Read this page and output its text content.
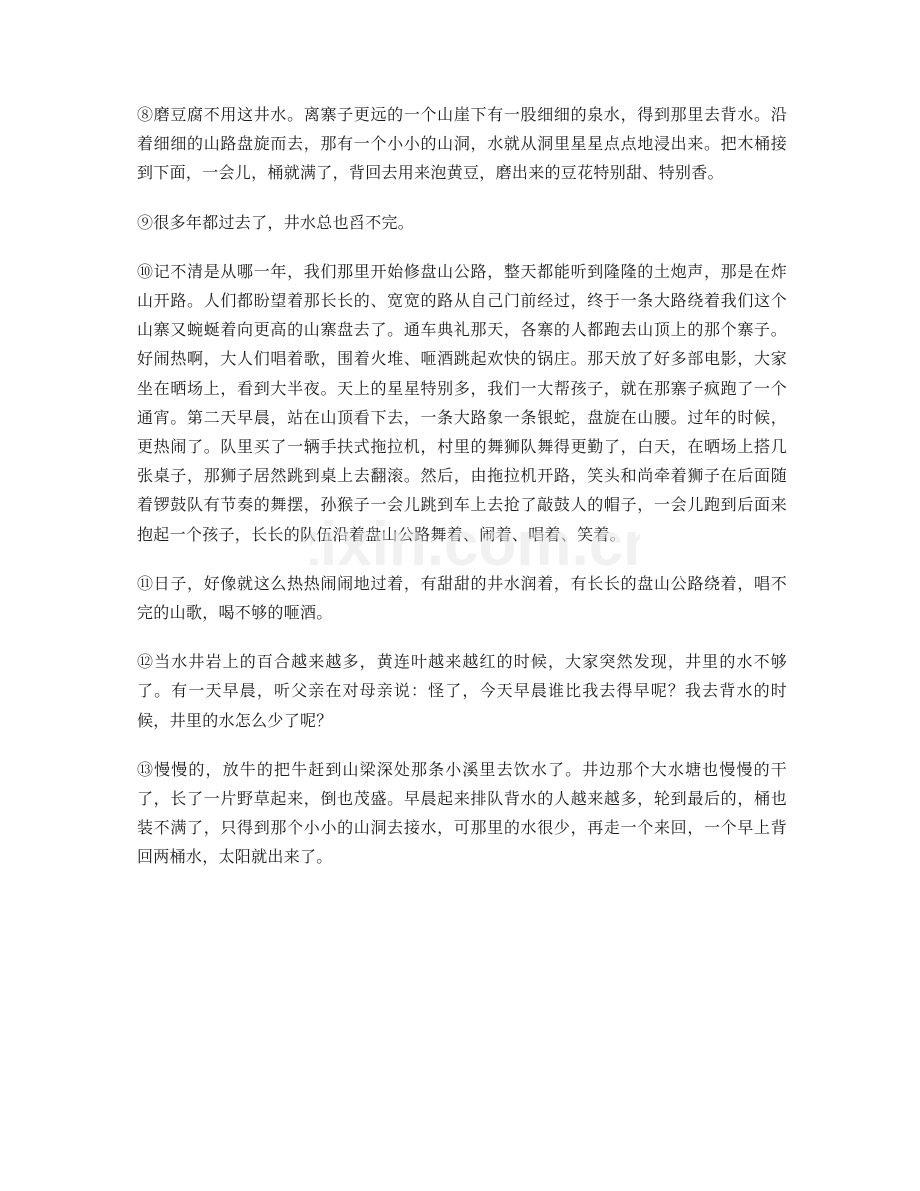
⑧磨豆腐不用这井水。离寨子更远的一个山崖下有一股细细的泉水，得到那里去背水。沿着细细的山路盘旋而去，那有一个小小的山洞，水就从洞里星星点点地浸出来。把木桶接到下面，一会儿，桶就满了，背回去用来泡黄豆，磨出来的豆花特别甜、特别香。

⑨很多年都过去了，井水总也舀不完。

⑩记不清是从哪一年，我们那里开始修盘山公路，整天都能听到隆隆的土炮声，那是在炸山开路。人们都盼望着那长长的、宽宽的路从自己门前经过，终于一条大路绕着我们这个山寨又蜿蜒着向更高的山寨盘去了。通车典礼那天，各寨的人都跑去山顶上的那个寨子。好闹热啊，大人们唱着歌，围着火堆、咂酒跳起欢快的锅庄。那天放了好多部电影，大家坐在晒场上，看到大半夜。天上的星星特别多，我们一大帮孩子，就在那寨子疯跑了一个通宵。第二天早晨，站在山顶看下去，一条大路象一条银蛇，盘旋在山腰。过年的时候，更热闹了。队里买了一辆手扶式拖拉机，村里的舞狮队舞得更勤了，白天，在晒场上搭几张桌子，那狮子居然跳到桌上去翻滚。然后，由拖拉机开路，笑头和尚牵着狮子在后面随着锣鼓队有节奏的舞摆，孙猴子一会儿跳到车上去抢了敲鼓人的帽子，一会儿跑到后面来抱起一个孩子，长长的队伍沿着盘山公路舞着、闹着、唱着、笑着。

⑪日子，好像就这么热热闹闹地过着，有甜甜的井水润着，有长长的盘山公路绕着，唱不完的山歌，喝不够的咂酒。

⑫当水井岩上的百合越来越多，黄连叶越来越红的时候，大家突然发现，井里的水不够了。有一天早晨，听父亲在对母亲说：怪了，今天早晨谁比我去得早呢？我去背水的时候，井里的水怎么少了呢？

⑬慢慢的，放牛的把牛赶到山梁深处那条小溪里去饮水了。井边那个大水塘也慢慢的干了，长了一片野草起来，倒也茂盛。早晨起来排队背水的人越来越多，轮到最后的，桶也装不满了，只得到那个小小的山洞去接水，可那里的水很少，再走一个来回，一个早上背回两桶水，太阳就出来了。

ixin.com.cn
